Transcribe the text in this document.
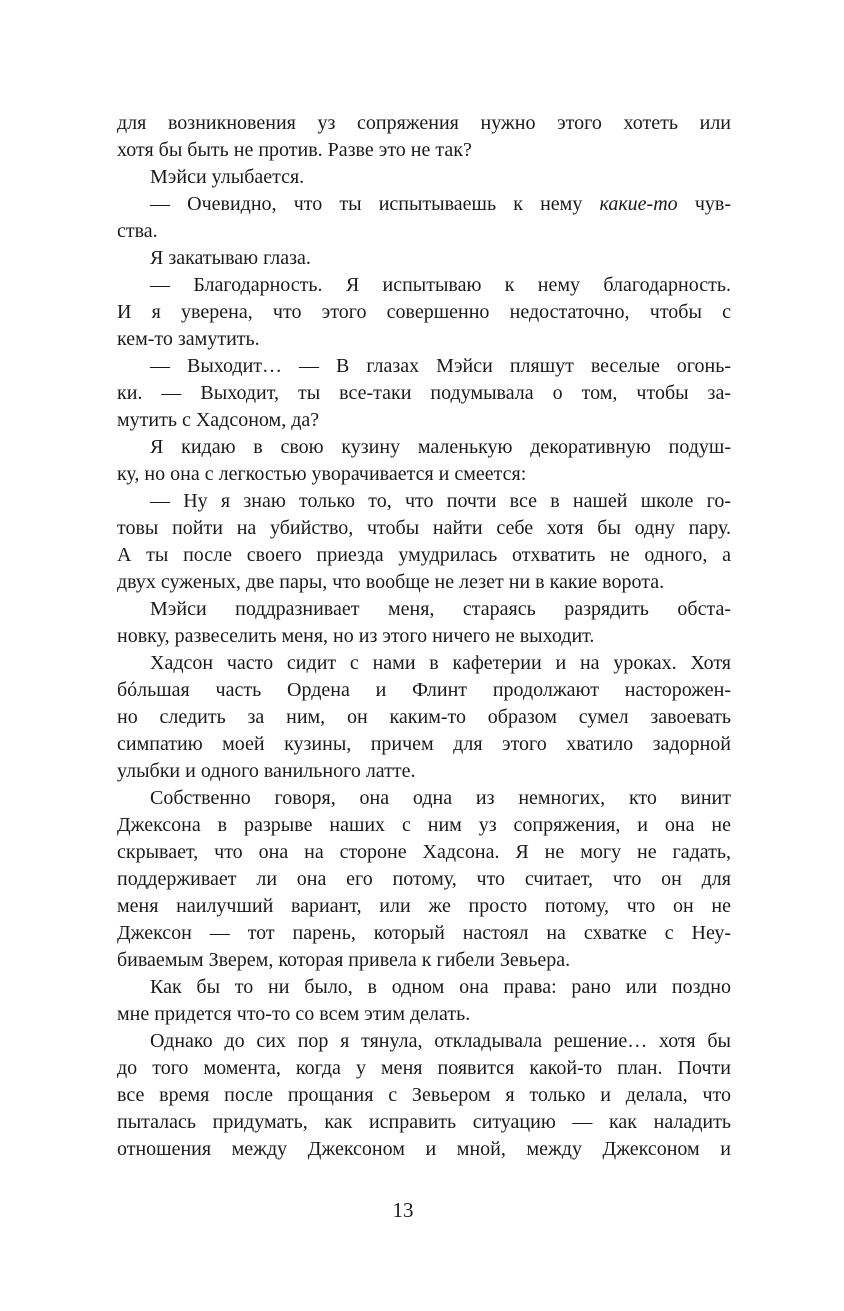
для возникновения уз сопряжения нужно этого хотеть или
хотя бы быть не против. Разве это не так?
Мэйси улыбается.
— Очевидно, что ты испытываешь к нему какие-то чув-
ства.
Я закатываю глаза.
— Благодарность. Я испытываю к нему благодарность.
И я уверена, что этого совершенно недостаточно, чтобы с
кем-то замутить.
— Выходит… — В глазах Мэйси пляшут веселые огонь-
ки. — Выходит, ты все-таки подумывала о том, чтобы за-
мутить с Хадсоном, да?
Я кидаю в свою кузину маленькую декоративную подуш-
ку, но она с легкостью уворачивается и смеется:
— Ну я знаю только то, что почти все в нашей школе го-
товы пойти на убийство, чтобы найти себе хотя бы одну пару.
А ты после своего приезда умудрилась отхватить не одного, а
двух суженых, две пары, что вообще не лезет ни в какие ворота.
Мэйси поддразнивает меня, стараясь разрядить обста-
новку, развеселить меня, но из этого ничего не выходит.
Хадсон часто сидит с нами в кафетерии и на уроках. Хотя
бóльшая часть Ордена и Флинт продолжают насторожен-
но следить за ним, он каким-то образом сумел завоевать
симпатию моей кузины, причем для этого хватило задорной
улыбки и одного ванильного латте.
Собственно говоря, она одна из немногих, кто винит
Джексона в разрыве наших с ним уз сопряжения, и она не
скрывает, что она на стороне Хадсона. Я не могу не гадать,
поддерживает ли она его потому, что считает, что он для
меня наилучший вариант, или же просто потому, что он не
Джексон — тот парень, который настоял на схватке с Неу-
биваемым Зверем, которая привела к гибели Зевьера.
Как бы то ни было, в одном она права: рано или поздно
мне придется что-то со всем этим делать.
Однако до сих пор я тянула, откладывала решение… хотя бы
до того момента, когда у меня появится какой-то план. Почти
все время после прощания с Зевьером я только и делала, что
пыталась придумать, как исправить ситуацию — как наладить
отношения между Джексоном и мной, между Джексоном и
13
